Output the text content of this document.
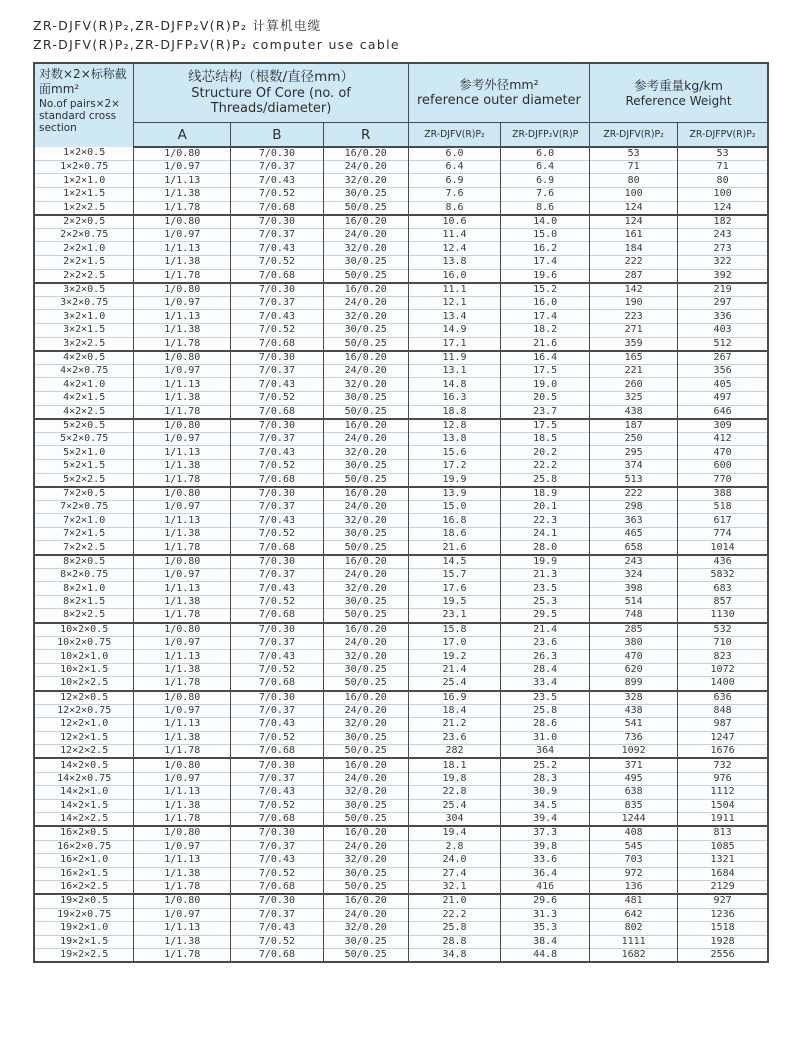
ZR-DJFV(R)P₂,ZR-DJFP₂V(R)P₂ 计算机电缆
ZR-DJFV(R)P₂,ZR-DJFP₂V(R)P₂ computer use cable
对数×2×标称截面mm²
No.of pairs×2× standard cross section	线芯结构（根数/直径mm）
Structure Of Core (no. of Threads/diameter)			参考外径mm²
reference outer diameter		参考重量kg/km
Reference Weight	

	A	B	R	ZR-DJFV(R)P₂	ZR-DJFP₂V(R)P	ZR-DJFV(R)P₂	ZR-DJFPV(R)P₂
1×2×0.5	1/0.80	7/0.30	16/0.20	6.0	6.0	53	53
1×2×0.75	1/0.97	7/0.37	24/0.20	6.4	6.4	71	71
1×2×1.0	1/1.13	7/0.43	32/0.20	6.9	6.9	80	80
1×2×1.5	1/1.38	7/0.52	30/0.25	7.6	7.6	100	100
1×2×2.5	1/1.78	7/0.68	50/0.25	8.6	8.6	124	124
2×2×0.5	1/0.80	7/0.30	16/0.20	10.6	14.0	124	182
2×2×0.75	1/0.97	7/0.37	24/0.20	11.4	15.0	161	243
2×2×1.0	1/1.13	7/0.43	32/0.20	12.4	16.2	184	273
2×2×1.5	1/1.38	7/0.52	30/0.25	13.8	17.4	222	322
2×2×2.5	1/1.78	7/0.68	50/0.25	16.0	19.6	287	392
3×2×0.5	1/0.80	7/0.30	16/0.20	11.1	15.2	142	219
3×2×0.75	1/0.97	7/0.37	24/0.20	12.1	16.0	190	297
3×2×1.0	1/1.13	7/0.43	32/0.20	13.4	17.4	223	336
3×2×1.5	1/1.38	7/0.52	30/0.25	14.9	18.2	271	403
3×2×2.5	1/1.78	7/0.68	50/0.25	17.1	21.6	359	512
4×2×0.5	1/0.80	7/0.30	16/0.20	11.9	16.4	165	267
4×2×0.75	1/0.97	7/0.37	24/0.20	13.1	17.5	221	356
4×2×1.0	1/1.13	7/0.43	32/0.20	14.8	19.0	260	405
4×2×1.5	1/1.38	7/0.52	30/0.25	16.3	20.5	325	497
4×2×2.5	1/1.78	7/0.68	50/0.25	18.8	23.7	438	646
5×2×0.5	1/0.80	7/0.30	16/0.20	12.8	17.5	187	309
5×2×0.75	1/0.97	7/0.37	24/0.20	13.8	18.5	250	412
5×2×1.0	1/1.13	7/0.43	32/0.20	15.6	20.2	295	470
5×2×1.5	1/1.38	7/0.52	30/0.25	17.2	22.2	374	600
5×2×2.5	1/1.78	7/0.68	50/0.25	19.9	25.8	513	770
7×2×0.5	1/0.80	7/0.30	16/0.20	13.9	18.9	222	388
7×2×0.75	1/0.97	7/0.37	24/0.20	15.0	20.1	298	518
7×2×1.0	1/1.13	7/0.43	32/0.20	16.8	22.3	363	617
7×2×1.5	1/1.38	7/0.52	30/0.25	18.6	24.1	465	774
7×2×2.5	1/1.78	7/0.68	50/0.25	21.6	28.0	658	1014
8×2×0.5	1/0.80	7/0.30	16/0.20	14.5	19.9	243	436
8×2×0.75	1/0.97	7/0.37	24/0.20	15.7	21.3	324	5832
8×2×1.0	1/1.13	7/0.43	32/0.20	17.6	23.5	398	683
8×2×1.5	1/1.38	7/0.52	30/0.25	19.5	25.3	514	857
8×2×2.5	1/1.78	7/0.68	50/0.25	23.1	29.5	748	1130
10×2×0.5	1/0.80	7/0.30	16/0.20	15.8	21.4	285	532
10×2×0.75	1/0.97	7/0.37	24/0.20	17.0	23.6	380	710
10×2×1.0	1/1.13	7/0.43	32/0.20	19.2	26.3	470	823
10×2×1.5	1/1.38	7/0.52	30/0.25	21.4	28.4	620	1072
10×2×2.5	1/1.78	7/0.68	50/0.25	25.4	33.4	899	1400
12×2×0.5	1/0.80	7/0.30	16/0.20	16.9	23.5	328	636
12×2×0.75	1/0.97	7/0.37	24/0.20	18.4	25.8	438	848
12×2×1.0	1/1.13	7/0.43	32/0.20	21.2	28.6	541	987
12×2×1.5	1/1.38	7/0.52	30/0.25	23.6	31.0	736	1247
12×2×2.5	1/1.78	7/0.68	50/0.25	282	364	1092	1676
14×2×0.5	1/0.80	7/0.30	16/0.20	18.1	25.2	371	732
14×2×0.75	1/0.97	7/0.37	24/0.20	19.8	28.3	495	976
14×2×1.0	1/1.13	7/0.43	32/0.20	22.8	30.9	638	1112
14×2×1.5	1/1.38	7/0.52	30/0.25	25.4	34.5	835	1504
14×2×2.5	1/1.78	7/0.68	50/0.25	304	39.4	1244	1911
16×2×0.5	1/0.80	7/0.30	16/0.20	19.4	37.3	408	813
16×2×0.75	1/0.97	7/0.37	24/0.20	2.8	39.8	545	1085
16×2×1.0	1/1.13	7/0.43	32/0.20	24.0	33.6	703	1321
16×2×1.5	1/1.38	7/0.52	30/0.25	27.4	36.4	972	1684
16×2×2.5	1/1.78	7/0.68	50/0.25	32.1	416	136	2129
19×2×0.5	1/0.80	7/0.30	16/0.20	21.0	29.6	481	927
19×2×0.75	1/0.97	7/0.37	24/0.20	22.2	31.3	642	1236
19×2×1.0	1/1.13	7/0.43	32/0.20	25.8	35.3	802	1518
19×2×1.5	1/1.38	7/0.52	30/0.25	28.8	38.4	1111	1928
19×2×2.5	1/1.78	7/0.68	50/0.25	34.8	44.8	1682	2556
